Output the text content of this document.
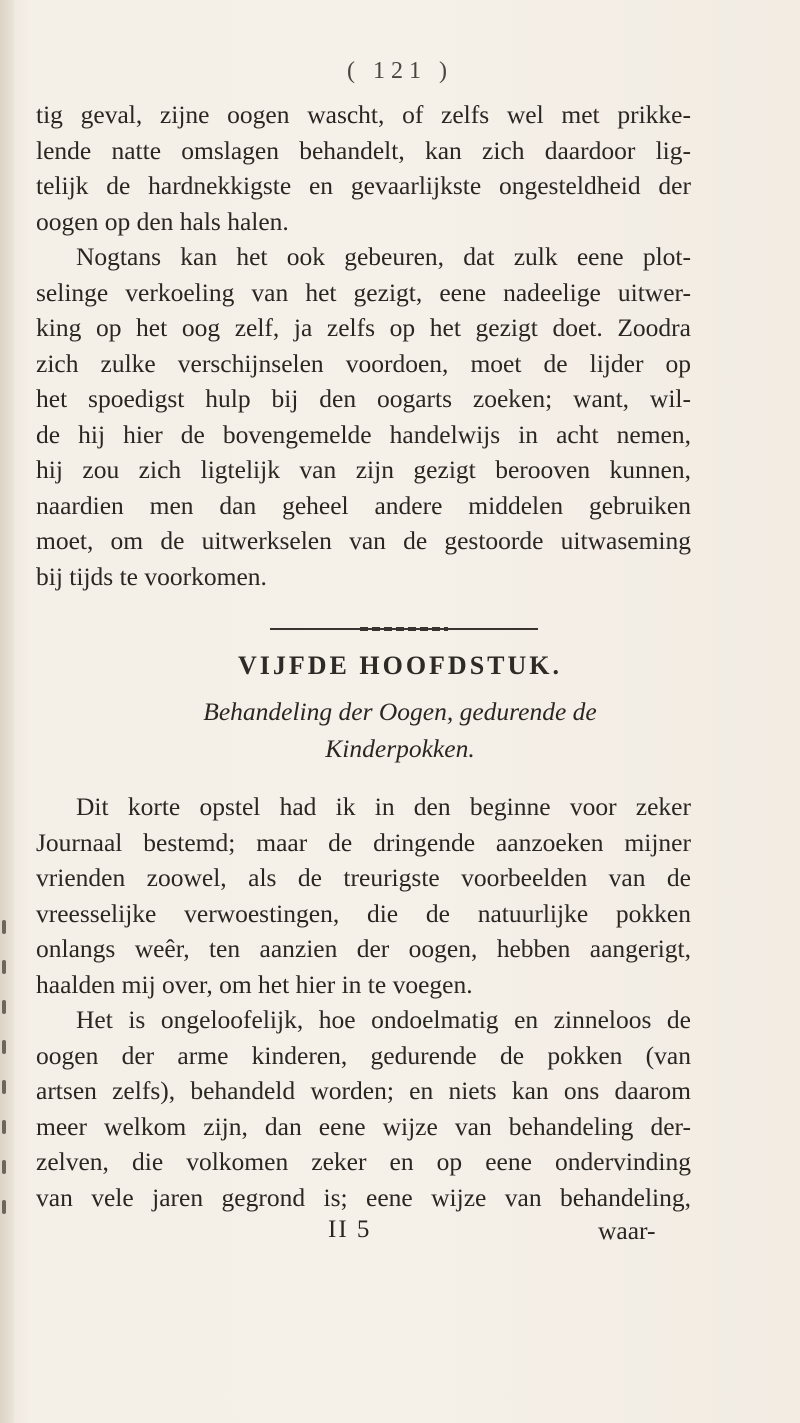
( 121 )
tig geval, zijne oogen wascht, of zelfs wel met prikke-
lende natte omslagen behandelt, kan zich daardoor lig-
telijk de hardnekkigste en gevaarlijkste ongesteldheid der
oogen op den hals halen.
Nogtans kan het ook gebeuren, dat zulk eene plot-
selinge verkoeling van het gezigt, eene nadeelige uitwer-
king op het oog zelf, ja zelfs op het gezigt doet. Zoodra
zich zulke verschijnselen voordoen, moet de lijder op
het spoedigst hulp bij den oogarts zoeken; want, wil-
de hij hier de bovengemelde handelwijs in acht nemen,
hij zou zich ligtelijk van zijn gezigt berooven kunnen,
naardien men dan geheel andere middelen gebruiken
moet, om de uitwerkselen van de gestoorde uitwaseming
bij tijds te voorkomen.
VIJFDE HOOFDSTUK.
Behandeling der Oogen, gedurende de
Kinderpokken.
Dit korte opstel had ik in den beginne voor zeker
Journaal bestemd; maar de dringende aanzoeken mijner
vrienden zoowel, als de treurigste voorbeelden van de
vreesselijke verwoestingen, die de natuurlijke pokken
onlangs weêr, ten aanzien der oogen, hebben aangerigt,
haalden mij over, om het hier in te voegen.
Het is ongeloofelijk, hoe ondoelmatig en zinneloos de
oogen der arme kinderen, gedurende de pokken (van
artsen zelfs), behandeld worden; en niets kan ons daarom
meer welkom zijn, dan eene wijze van behandeling der-
zelven, die volkomen zeker en op eene ondervinding
van vele jaren gegrond is; eene wijze van behandeling,
II 5	waar-
